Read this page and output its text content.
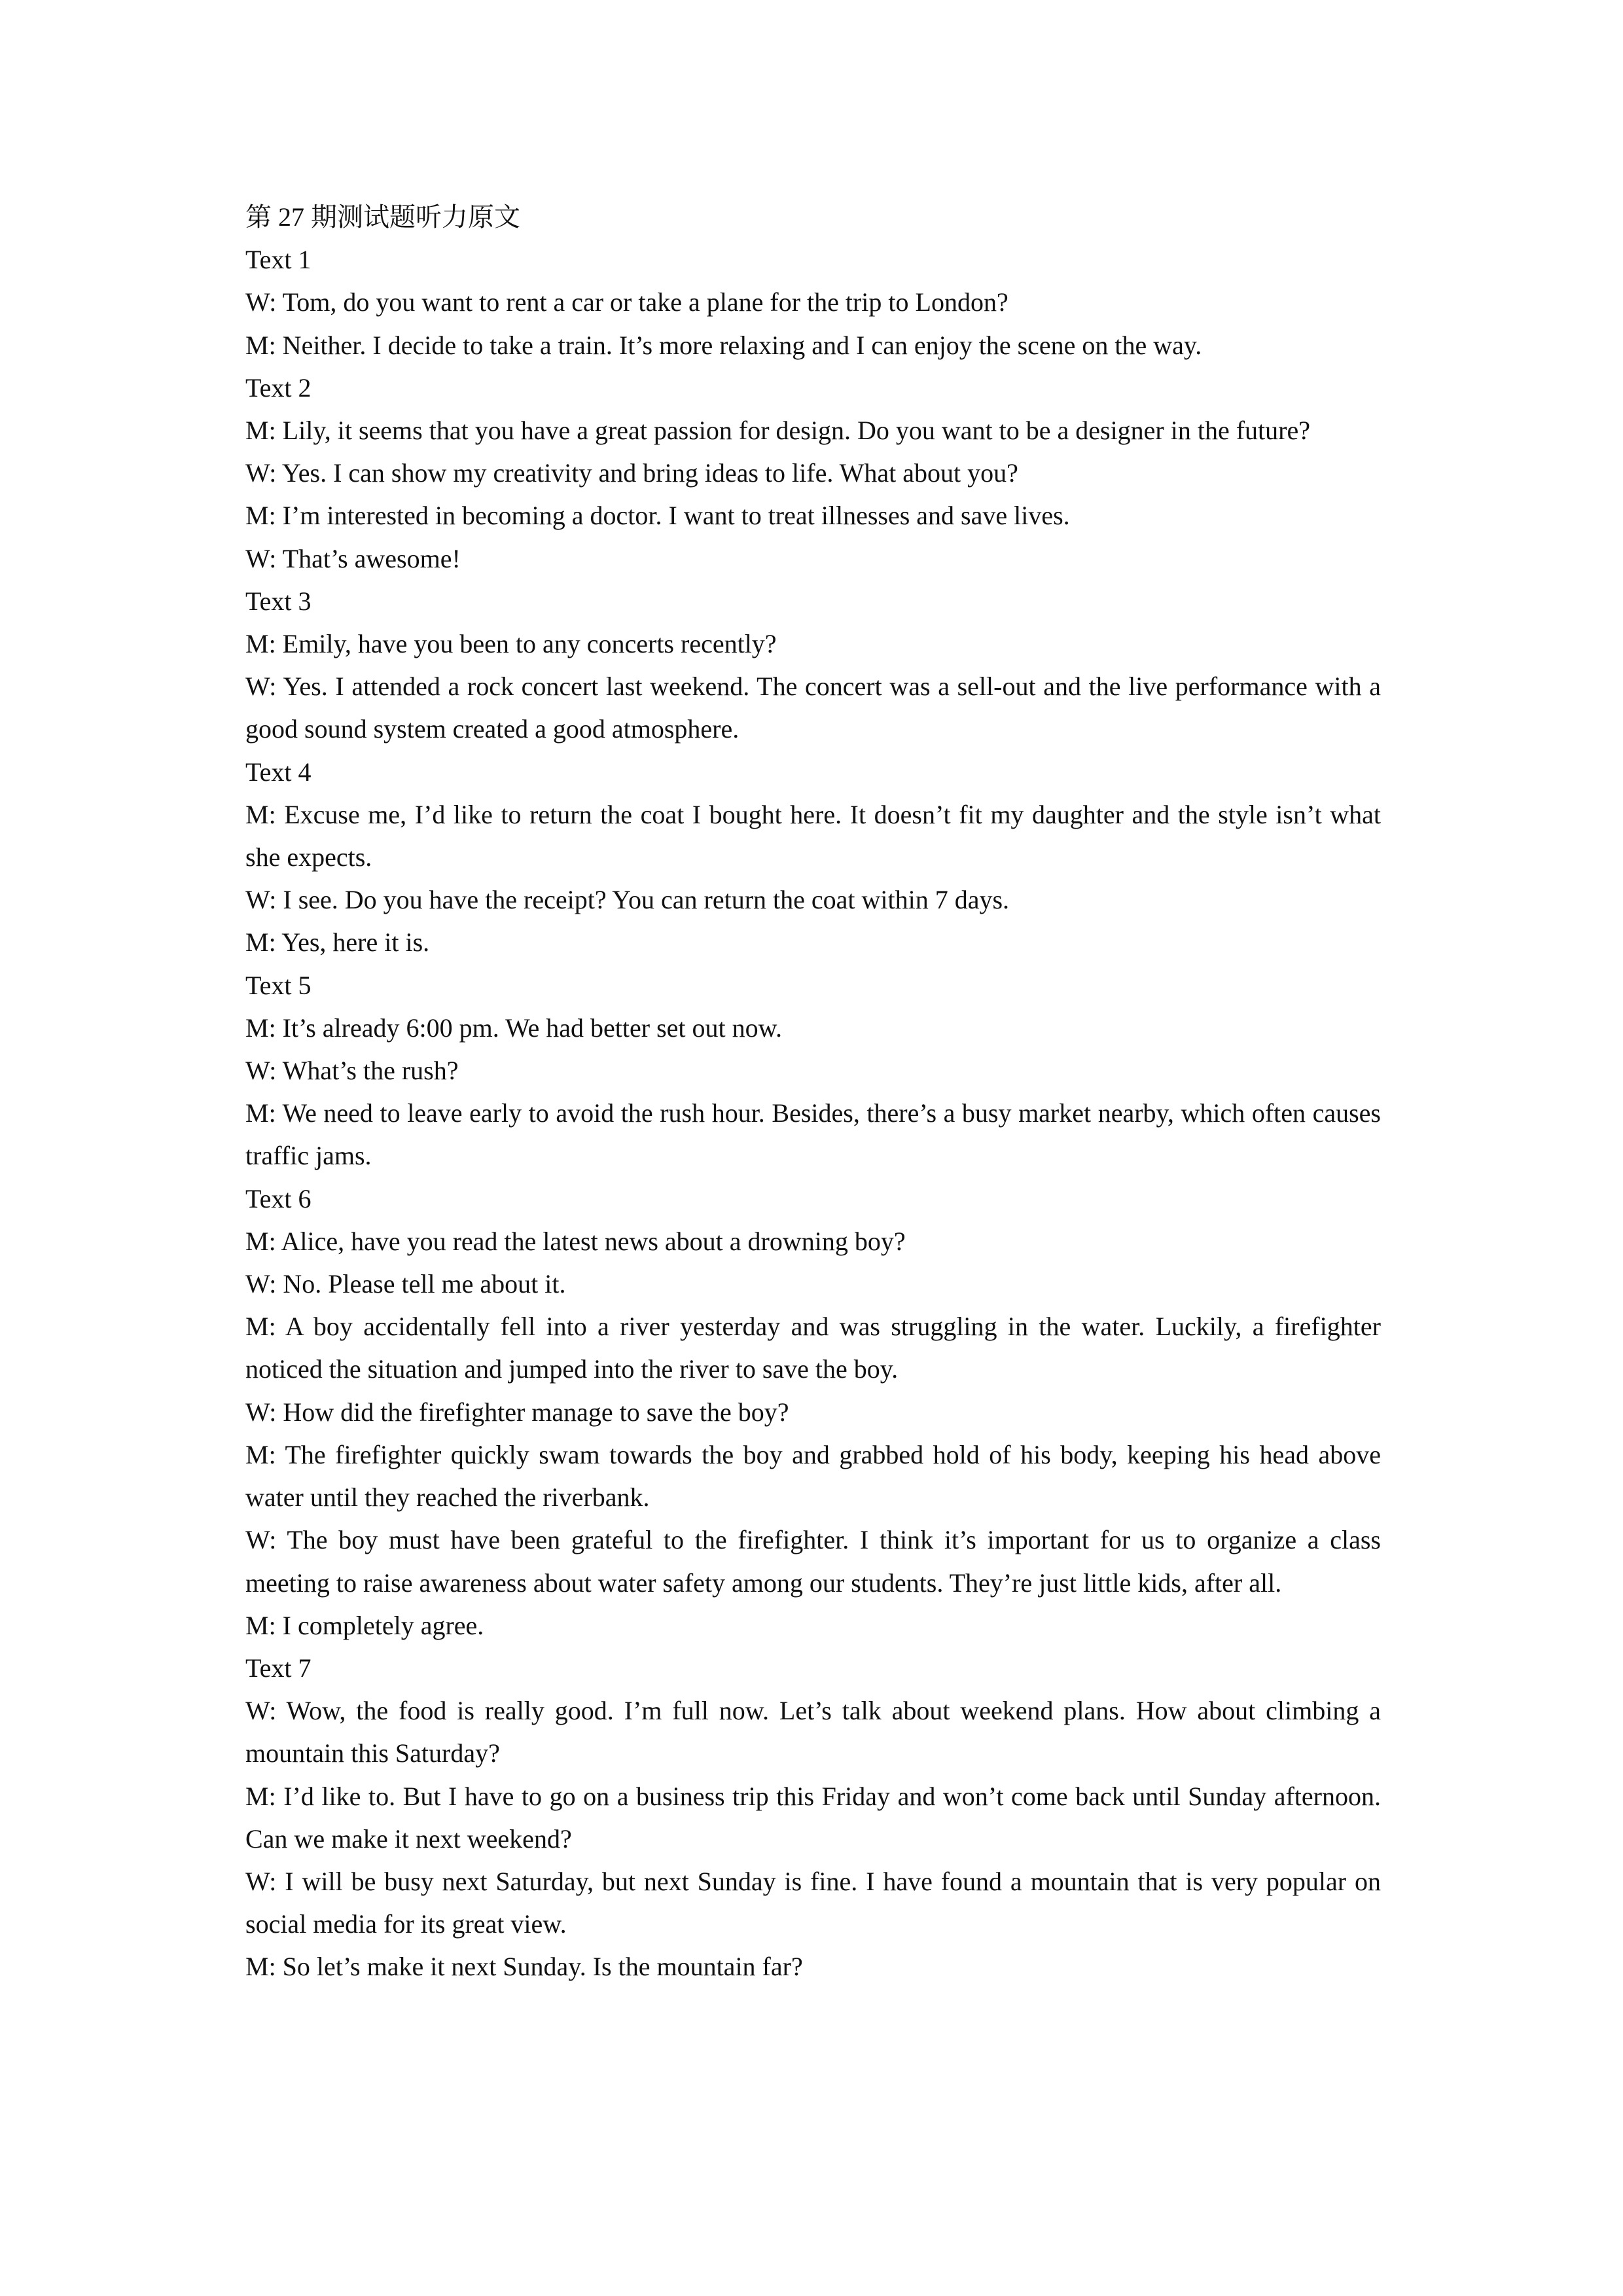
第 27 期测试题听力原文
Text 1
W: Tom, do you want to rent a car or take a plane for the trip to London?
M: Neither. I decide to take a train. It’s more relaxing and I can enjoy the scene on the way.
Text 2
M: Lily, it seems that you have a great passion for design. Do you want to be a designer in the future?
W: Yes. I can show my creativity and bring ideas to life. What about you?
M: I’m interested in becoming a doctor. I want to treat illnesses and save lives.
W: That’s awesome!
Text 3
M: Emily, have you been to any concerts recently?
W: Yes. I attended a rock concert last weekend. The concert was a sell-out and the live performance with a good sound system created a good atmosphere.
Text 4
M: Excuse me, I’d like to return the coat I bought here. It doesn’t fit my daughter and the style isn’t what she expects.
W: I see. Do you have the receipt? You can return the coat within 7 days.
M: Yes, here it is.
Text 5
M: It’s already 6:00 pm. We had better set out now.
W: What’s the rush?
M: We need to leave early to avoid the rush hour. Besides, there’s a busy market nearby, which often causes traffic jams.
Text 6
M: Alice, have you read the latest news about a drowning boy?
W: No. Please tell me about it.
M: A boy accidentally fell into a river yesterday and was struggling in the water. Luckily, a firefighter noticed the situation and jumped into the river to save the boy.
W: How did the firefighter manage to save the boy?
M: The firefighter quickly swam towards the boy and grabbed hold of his body, keeping his head above water until they reached the riverbank.
W: The boy must have been grateful to the firefighter. I think it’s important for us to organize a class meeting to raise awareness about water safety among our students. They’re just little kids, after all.
M: I completely agree.
Text 7
W: Wow, the food is really good. I’m full now. Let’s talk about weekend plans. How about climbing a mountain this Saturday?
M: I’d like to. But I have to go on a business trip this Friday and won’t come back until Sunday afternoon. Can we make it next weekend?
W: I will be busy next Saturday, but next Sunday is fine. I have found a mountain that is very popular on social media for its great view.
M: So let’s make it next Sunday. Is the mountain far?
